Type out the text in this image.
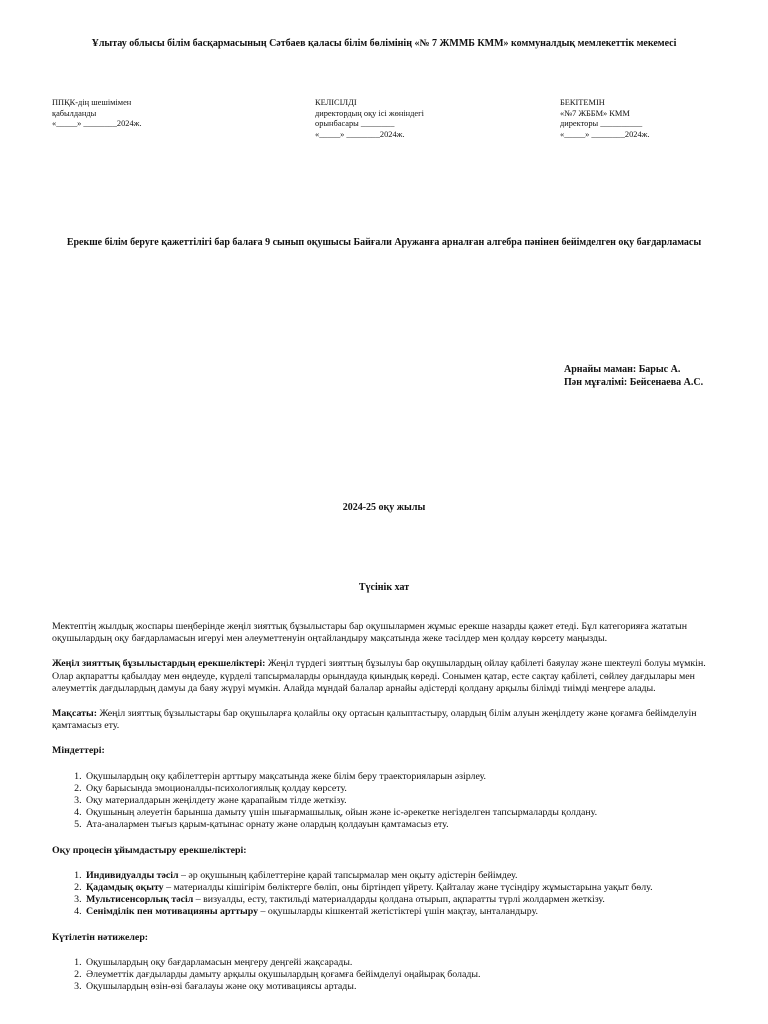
Ұлытау облысы білім басқармасының Сәтбаев қаласы білім бөлімінің «№ 7 ЖММБ КММ» коммуналдық мемлекеттік мекемесі
ППҚК-дің шешімімен
қабылданды
«_____» ________2024ж.
КЕЛІСІЛДІ
директордың оқу ісі жөніндегі
орынбасары ________
«_____» ________2024ж.
БЕКІТЕМІН
«№7 ЖББМ» КММ
директоры __________
«_____» ________2024ж.
Ерекше білім беруге қажеттілігі бар балаға 9 сынып оқушысы Байғали Аружанға арналған алгебра пәнінен бейімделген оқу бағдарламасы
Арнайы маман: Барыс А.
Пән мұғалімі: Бейсенаева А.С.
2024-25 оқу жылы
Түсінік хат

Мектептің жылдық жоспары шеңберінде жеңіл зияттық бұзылыстары бар оқушылармен жұмыс ерекше назарды қажет етеді. Бұл категорияға жататын оқушылардың оқу бағдарламасын игеруі мен әлеуметтенуін оңтайландыру мақсатында жеке тәсілдер мен қолдау көрсету маңызды.

Жеңіл зияттық бұзылыстардың ерекшеліктері: Жеңіл түрдегі зияттың бұзылуы бар оқушылардың ойлау қабілеті баяулау және шектеулі болуы мүмкін. Олар ақпаратты қабылдау мен өңдеуде, күрделі тапсырмаларды орындауда қиындық көреді. Сонымен қатар, есте сақтау қабілеті, сөйлеу дағдылары мен әлеуметтік дағдылардың дамуы да баяу жүруі мүмкін. Алайда мұндай балалар арнайы әдістерді қолдану арқылы білімді тиімді меңгере алады.

Мақсаты: Жеңіл зияттық бұзылыстары бар оқушыларға қолайлы оқу ортасын қалыптастыру, олардың білім алуын жеңілдету және қоғамға бейімделуін қамтамасыз ету.

Міндеттері:
1. Оқушылардың оқу қабілеттерін арттыру мақсатында жеке білім беру траекторияларын әзірлеу.
2. Оқу барысында эмоционалды-психологиялық қолдау көрсету.
3. Оқу материалдарын жеңілдету және қарапайым тілде жеткізу.
4. Оқушының әлеуетін барынша дамыту үшін шығармашылық, ойын және іс-әрекетке негізделген тапсырмаларды қолдану.
5. Ата-аналармен тығыз қарым-қатынас орнату және олардың қолдауын қамтамасыз ету.
Оқу процесін ұйымдастыру ерекшеліктері:
1. Индивидуалды тәсіл – әр оқушының қабілеттеріне қарай тапсырмалар мен оқыту әдістерін бейімдеу.
2. Қадамдық оқыту – материалды кішігірім бөліктерге бөліп, оны біртіндеп үйрету. Қайталау және түсіндіру жұмыстарына уақыт бөлу.
3. Мультисенсорлық тәсіл – визуалды, есту, тактильді материалдарды қолдана отырып, ақпаратты түрлі жолдармен жеткізу.
4. Сенімділік пен мотивацияны арттыру – оқушыларды кішкентай жетістіктері үшін мақтау, ынталандыру.
Күтілетін нәтижелер:
1. Оқушылардың оқу бағдарламасын меңгеру деңгейі жақсарады.
2. Әлеуметтік дағдыларды дамыту арқылы оқушылардың қоғамға бейімделуі оңайырақ болады.
3. Оқушылардың өзін-өзі бағалауы және оқу мотивациясы артады.
